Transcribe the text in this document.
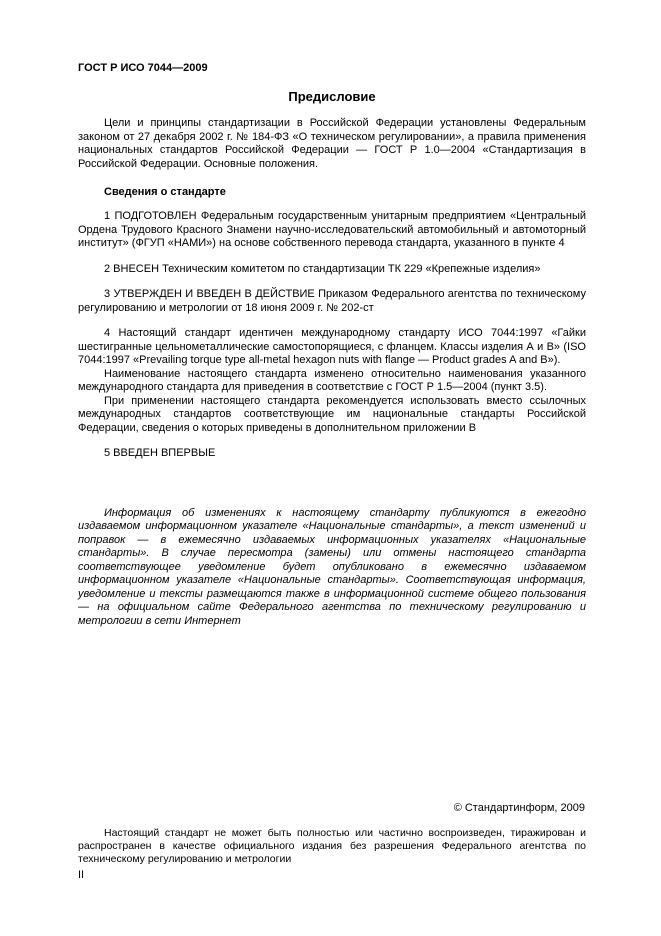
ГОСТ Р ИСО 7044—2009

Предисловие

Цели и принципы стандартизации в Российской Федерации установлены Федеральным законом от 27 декабря 2002 г. № 184-ФЗ «О техническом регулировании», а правила применения национальных стандартов Российской Федерации — ГОСТ Р 1.0—2004 «Стандартизация в Российской Федерации. Основные положения.

Сведения о стандарте

1 ПОДГОТОВЛЕН Федеральным государственным унитарным предприятием «Центральный Ордена Трудового Красного Знамени научно-исследовательский автомобильный и автомоторный институт» (ФГУП «НАМИ») на основе собственного перевода стандарта, указанного в пункте 4

2 ВНЕСЕН Техническим комитетом по стандартизации ТК 229 «Крепежные изделия»

3 УТВЕРЖДЕН И ВВЕДЕН В ДЕЙСТВИЕ Приказом Федерального агентства по техническому регулированию и метрологии от 18 июня 2009 г. № 202-ст

4 Настоящий стандарт идентичен международному стандарту ИСО 7044:1997 «Гайки шестигранные цельнометаллические самостопорящиеся, с фланцем. Классы изделия А и В» (ISO 7044:1997 «Prevailing torque type all-metal hexagon nuts with flange — Product grades A and B»).

Наименование настоящего стандарта изменено относительно наименования указанного международного стандарта для приведения в соответствие с ГОСТ Р 1.5—2004 (пункт 3.5).

При применении настоящего стандарта рекомендуется использовать вместо ссылочных международных стандартов соответствующие им национальные стандарты Российской Федерации, сведения о которых приведены в дополнительном приложении В

5 ВВЕДЕН ВПЕРВЫЕ

Информация об изменениях к настоящему стандарту публикуются в ежегодно издаваемом информационном указателе «Национальные стандарты», а текст изменений и поправок — в ежемесячно издаваемых информационных указателях «Национальные стандарты». В случае пересмотра (замены) или отмены настоящего стандарта соответствующее уведомление будет опубликовано в ежемесячно издаваемом информационном указателе «Национальные стандарты». Соответствующая информация, уведомление и тексты размещаются также в информационной системе общего пользования — на официальном сайте Федерального агентства по техническому регулированию и метрологии в сети Интернет

© Стандартинформ, 2009

Настоящий стандарт не может быть полностью или частично воспроизведен, тиражирован и распространен в качестве официального издания без разрешения Федерального агентства по техническому регулированию и метрологии

II
